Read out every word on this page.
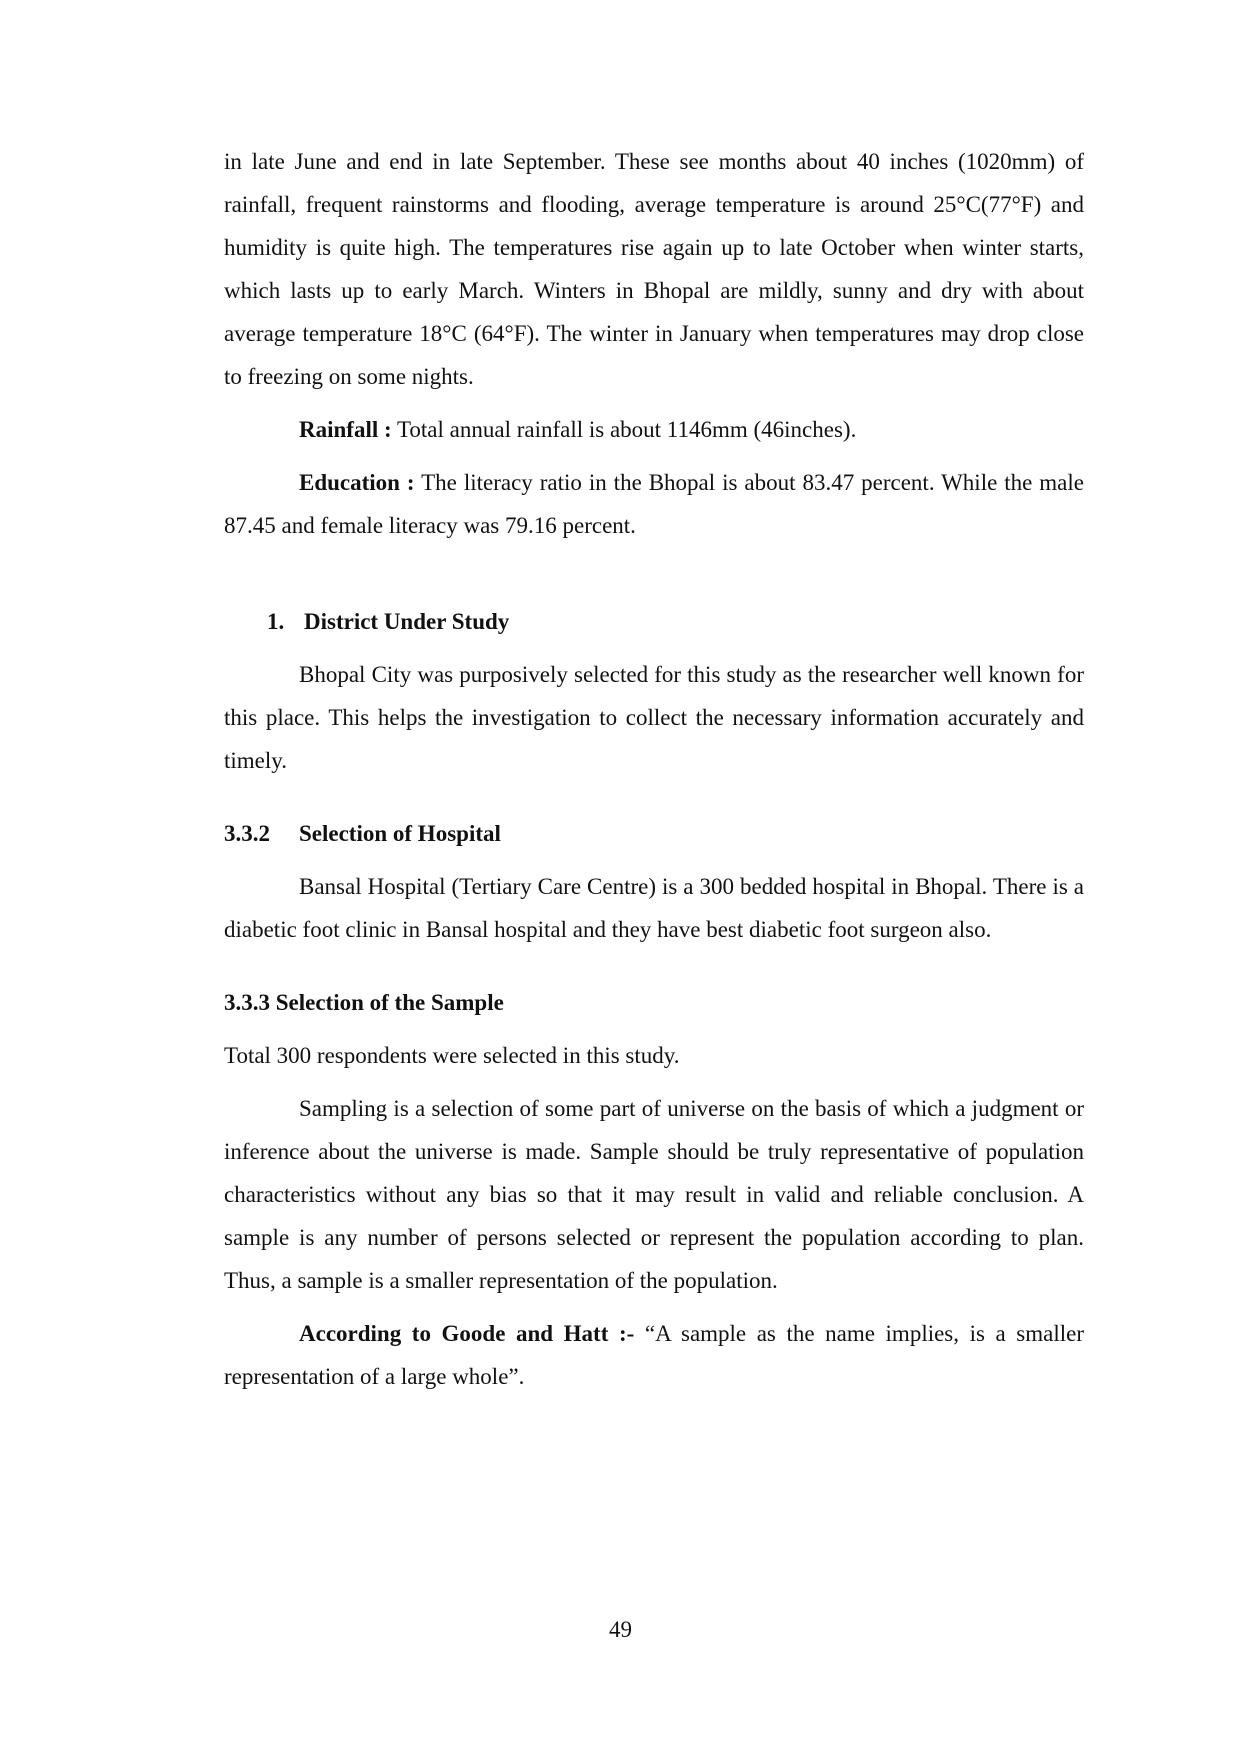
in late June and end in late September. These see months about 40 inches (1020mm) of rainfall, frequent rainstorms and flooding, average temperature is around 25°C(77°F) and humidity is quite high. The temperatures rise again up to late October when winter starts, which lasts up to early March. Winters in Bhopal are mildly, sunny and dry with about average temperature 18°C (64°F). The winter in January when temperatures may drop close to freezing on some nights.

Rainfall : Total annual rainfall is about 1146mm (46inches).

Education : The literacy ratio in the Bhopal is about 83.47 percent. While the male 87.45 and female literacy was 79.16 percent.

1. District Under Study

Bhopal City was purposively selected for this study as the researcher well known for this place. This helps the investigation to collect the necessary information accurately and timely.

3.3.2 Selection of Hospital

Bansal Hospital (Tertiary Care Centre) is a 300 bedded hospital in Bhopal. There is a diabetic foot clinic in Bansal hospital and they have best diabetic foot surgeon also.

3.3.3 Selection of the Sample

Total 300 respondents were selected in this study.

Sampling is a selection of some part of universe on the basis of which a judgment or inference about the universe is made. Sample should be truly representative of population characteristics without any bias so that it may result in valid and reliable conclusion. A sample is any number of persons selected or represent the population according to plan. Thus, a sample is a smaller representation of the population.

According to Goode and Hatt :- “A sample as the name implies, is a smaller representation of a large whole”.

49
